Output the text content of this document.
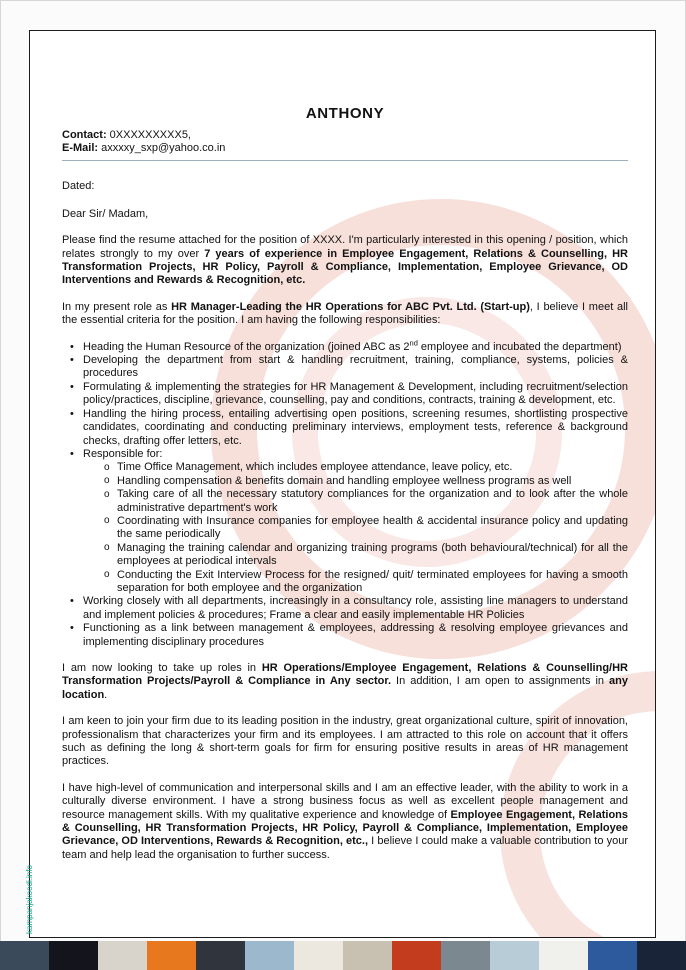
ANTHONY
Contact: 0XXXXXXXXX5,
E-Mail: axxxxy_sxp@yahoo.co.in
Dated:
Dear Sir/ Madam,

Please find the resume attached for the position of XXXX. I'm particularly interested in this opening / position, which relates strongly to my over 7 years of experience in Employee Engagement, Relations & Counselling, HR Transformation Projects, HR Policy, Payroll & Compliance, Implementation, Employee Grievance, OD Interventions and Rewards & Recognition, etc.

In my present role as HR Manager-Leading the HR Operations for ABC Pvt. Ltd. (Start-up), I believe I meet all the essential criteria for the position. I am having the following responsibilities:

• Heading the Human Resource of the organization (joined ABC as 2nd employee and incubated the department)
• Developing the department from start & handling recruitment, training, compliance, systems, policies & procedures
• Formulating & implementing the strategies for HR Management & Development, including recruitment/selection policy/practices, discipline, grievance, counselling, pay and conditions, contracts, training & development, etc.
• Handling the hiring process, entailing advertising open positions, screening resumes, shortlisting prospective candidates, coordinating and conducting preliminary interviews, employment tests, reference & background checks, drafting offer letters, etc.
• Responsible for:
o Time Office Management, which includes employee attendance, leave policy, etc.
o Handling compensation & benefits domain and handling employee wellness programs as well
o Taking care of all the necessary statutory compliances for the organization and to look after the whole administrative department's work
o Coordinating with Insurance companies for employee health & accidental insurance policy and updating the same periodically
o Managing the training calendar and organizing training programs (both behavioural/technical) for all the employees at periodical intervals
o Conducting the Exit Interview Process for the resigned/ quit/ terminated employees for having a smooth separation for both employee and the organization
• Working closely with all departments, increasingly in a consultancy role, assisting line managers to understand and implement policies & procedures; Frame a clear and easily implementable HR Policies
• Functioning as a link between management & employees, addressing & resolving employee grievances and implementing disciplinary procedures

I am now looking to take up roles in HR Operations/Employee Engagement, Relations & Counselling/HR Transformation Projects/Payroll & Compliance in Any sector. In addition, I am open to assignments in any location.

I am keen to join your firm due to its leading position in the industry, great organizational culture, spirit of innovation, professionalism that characterizes your firm and its employees. I am attracted to this role on account that it offers such as defining the long & short-term goals for firm for ensuring positive results in areas of HR management practices.

I have high-level of communication and interpersonal skills and I am an effective leader, with the ability to work in a culturally diverse environment. I have a strong business focus as well as excellent people management and resource management skills. With my qualitative experience and knowledge of Employee Engagement, Relations & Counselling, HR Transformation Projects, HR Policy, Payroll & Compliance, Implementation, Employee Grievance, OD Interventions, Rewards & Recognition, etc., I believe I could make a valuable contribution to your team and help lead the organisation to further success.

kampanjakoodi.info
